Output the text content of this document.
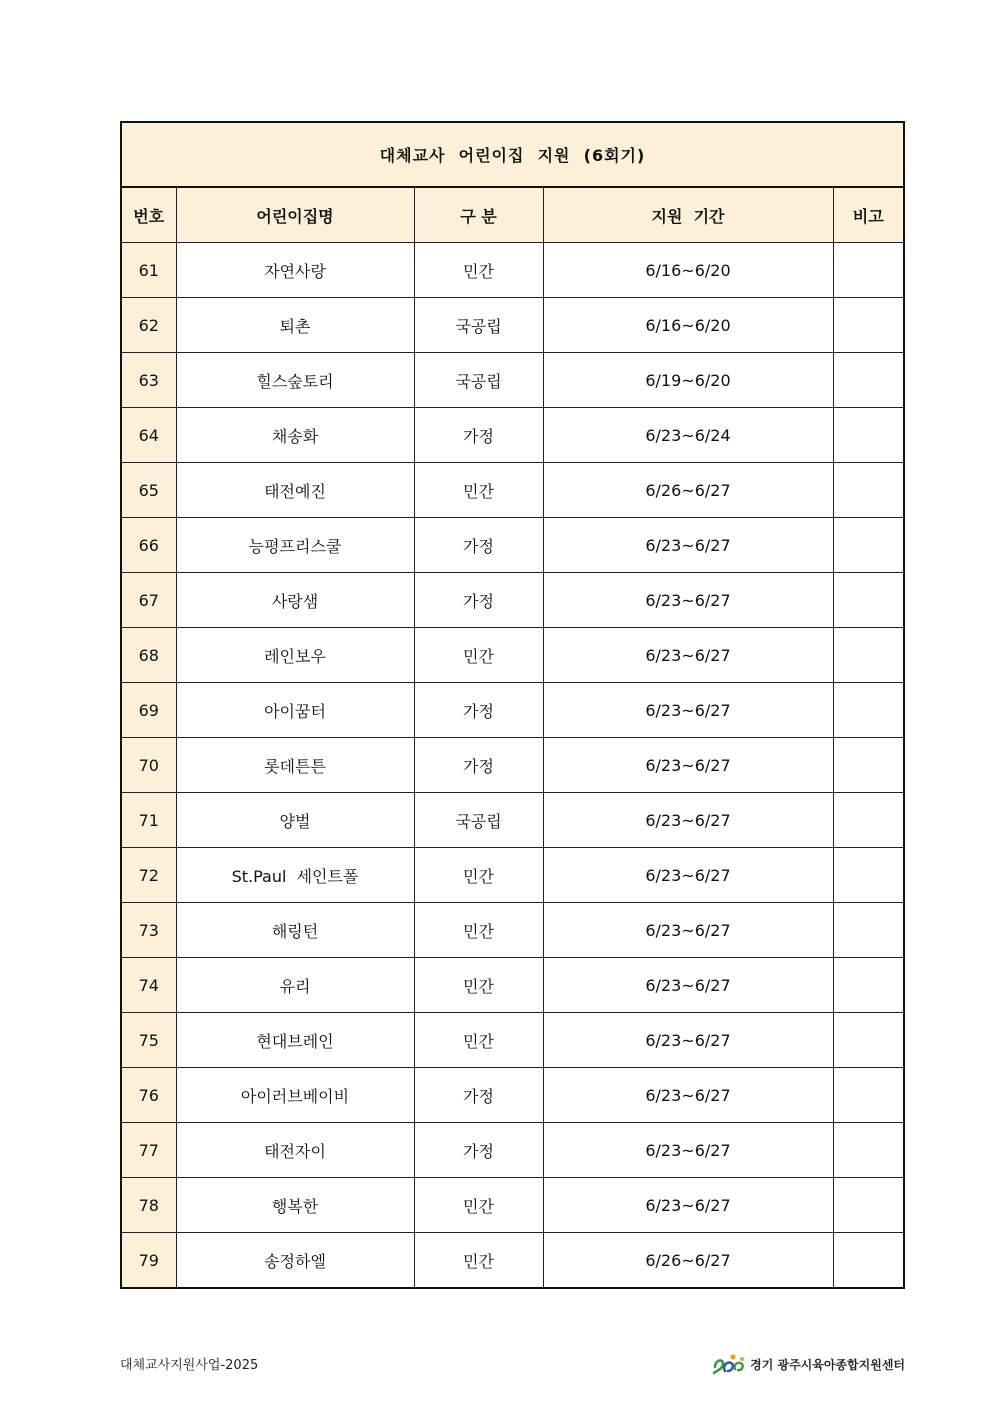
대체교사  어린이집  지원  (6회기)				
번호	어린이집명	구 분	지원  기간	비고
61	자연사랑	민간	6/16~6/20	
62	퇴촌	국공립	6/16~6/20	
63	힐스숲토리	국공립	6/19~6/20	
64	채송화	가정	6/23~6/24	
65	태전예진	민간	6/26~6/27	
66	능평프리스쿨	가정	6/23~6/27	
67	사랑샘	가정	6/23~6/27	
68	레인보우	민간	6/23~6/27	
69	아이꿈터	가정	6/23~6/27	
70	롯데튼튼	가정	6/23~6/27	
71	양벌	국공립	6/23~6/27	
72	St.Paul  세인트폴	민간	6/23~6/27	
73	해링턴	민간	6/23~6/27	
74	유리	민간	6/23~6/27	
75	현대브레인	민간	6/23~6/27	
76	아이러브베이비	가정	6/23~6/27	
77	태전자이	가정	6/23~6/27	
78	행복한	민간	6/23~6/27	
79	송정하엘	민간	6/26~6/27	
대체교사지원사업-2025	경기 광주시육아종합지원센터
